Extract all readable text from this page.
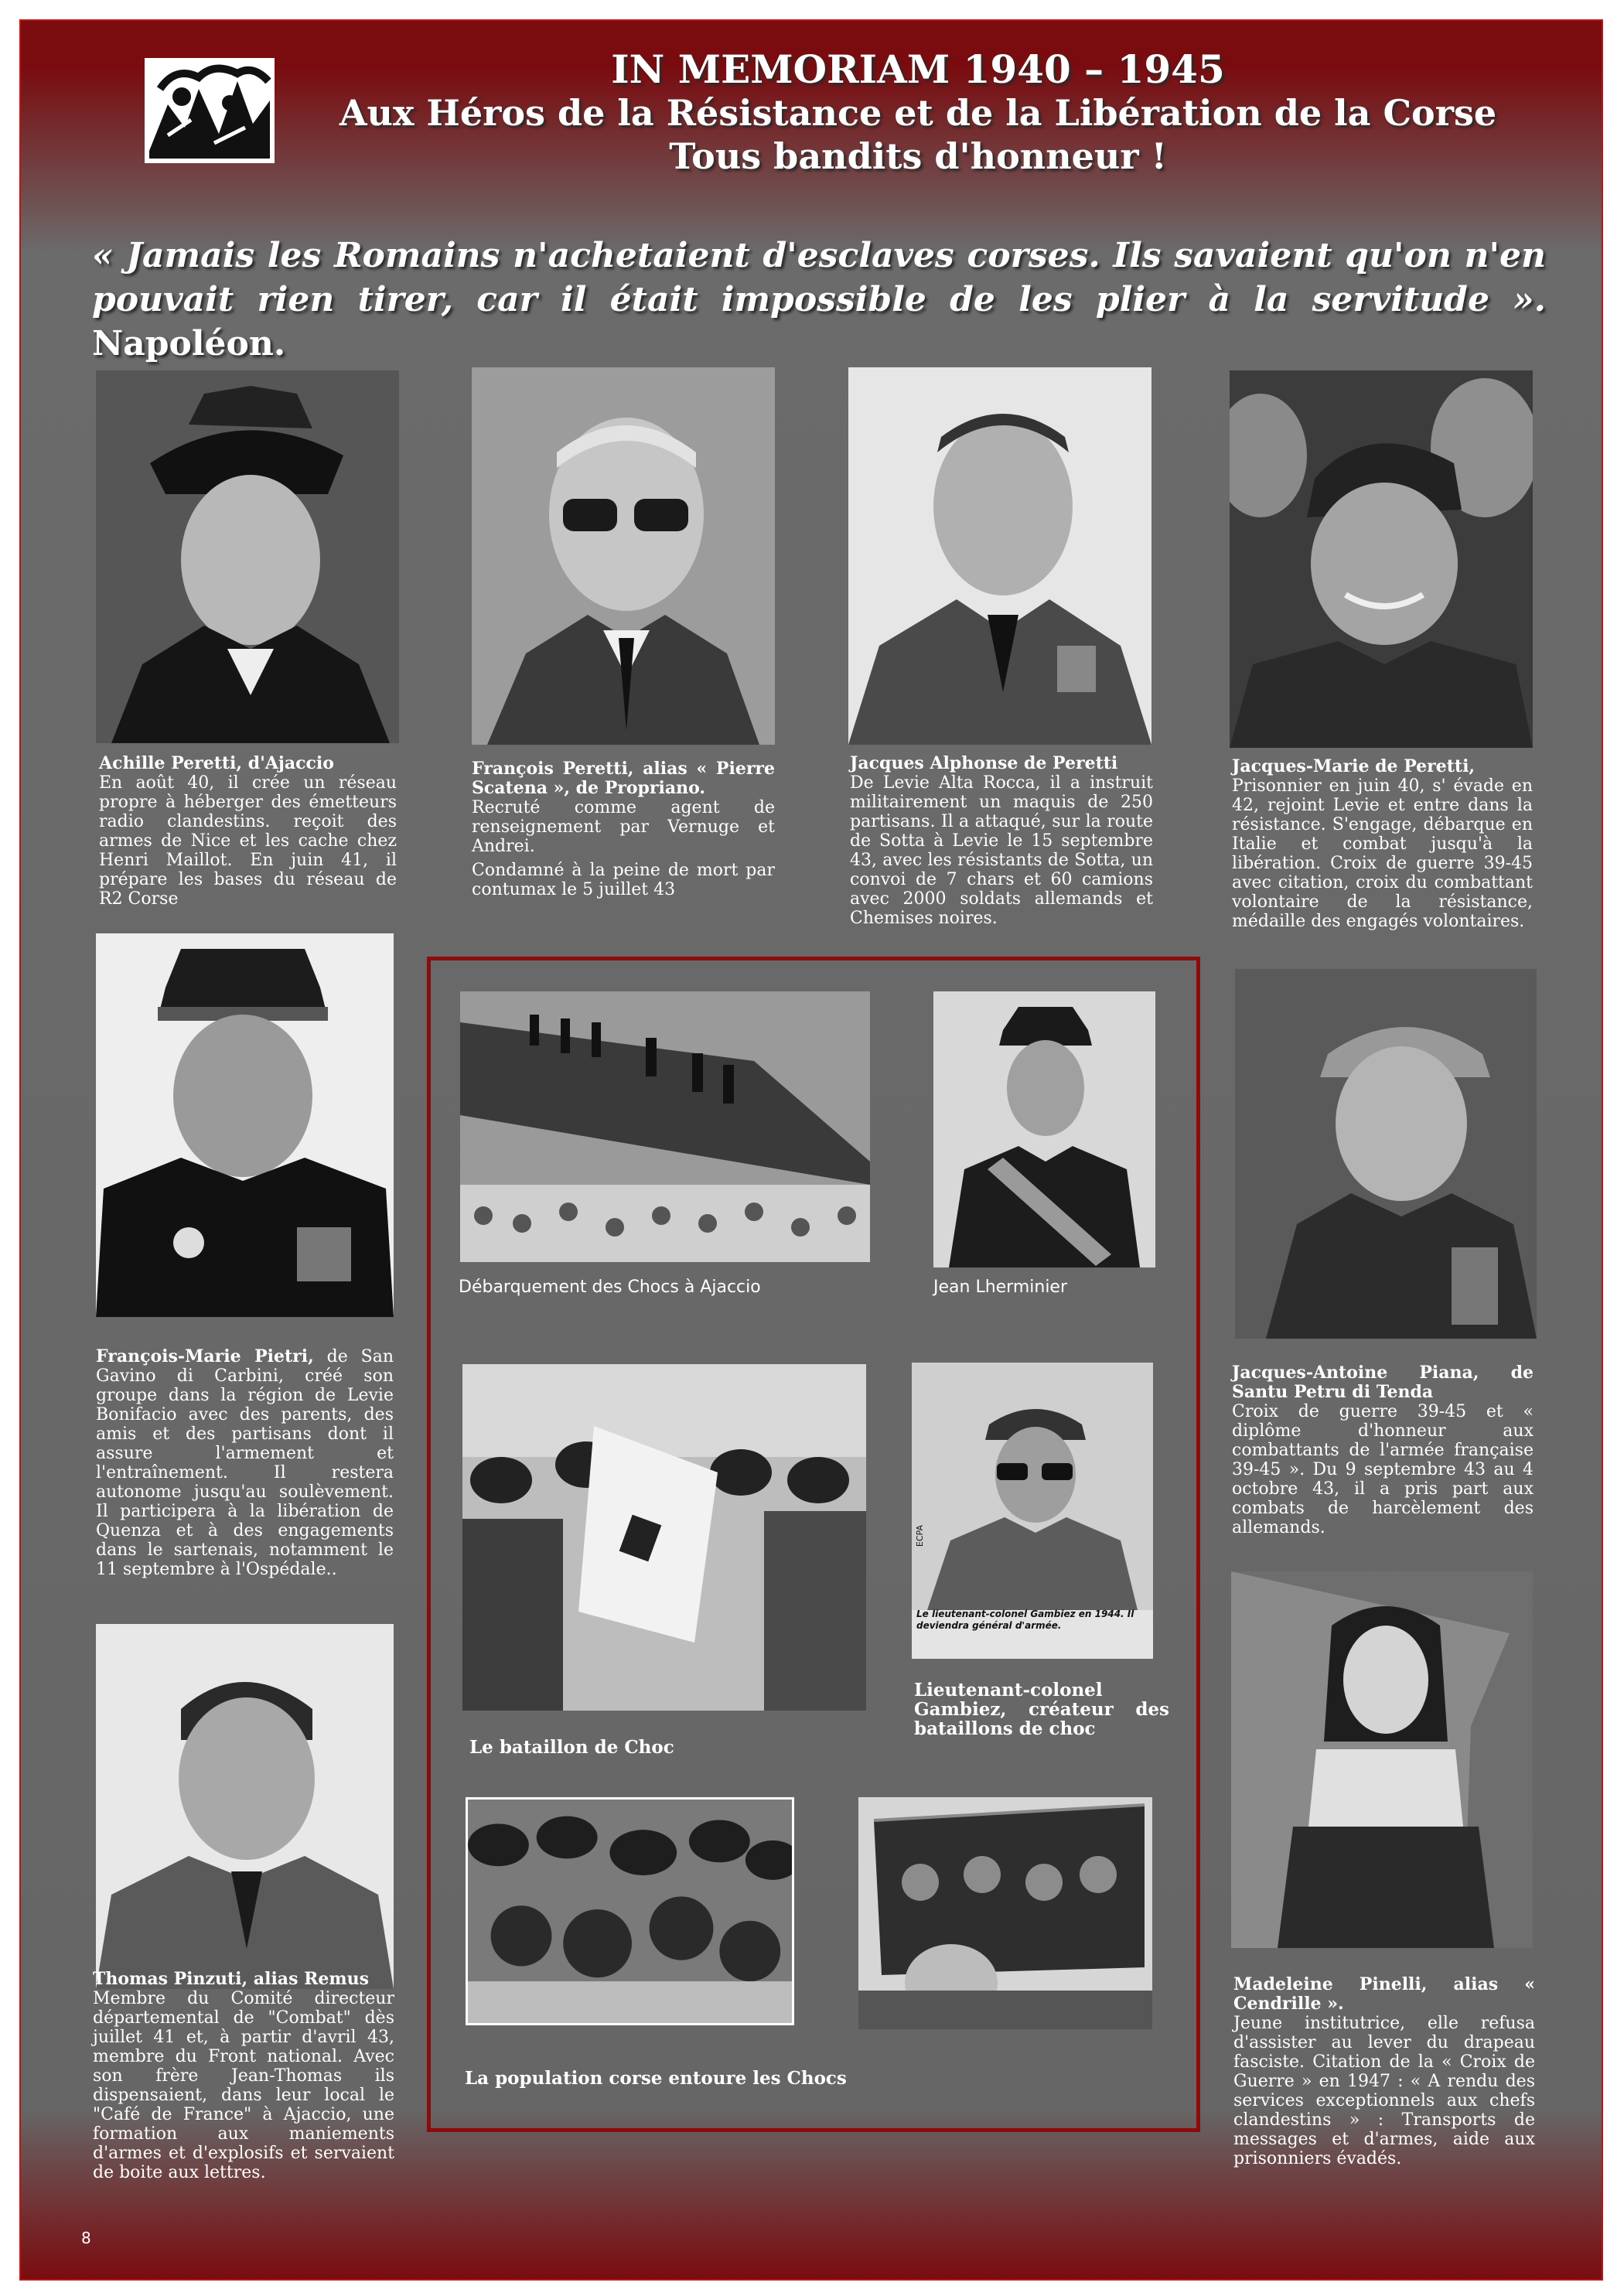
IN MEMORIAM 1940 – 1945
Aux Héros de la Résistance et de la Libération de la Corse
Tous bandits d'honneur !
« Jamais les Romains n'achetaient d'esclaves corses. Ils savaient qu'on n'en pouvait rien tirer, car il était impossible de les plier à la servitude ». Napoléon.
Achille Peretti, d'Ajaccio

En août 40, il crée un réseau propre à héberger des émetteurs radio clandestins. reçoit des armes de Nice et les cache chez Henri Maillot. En juin 41, il prépare les bases du réseau de R2 Corse

François Peretti, alias « Pierre Scatena », de Propriano.

Recruté comme agent de renseignement par Vernuge et Andrei.

Condamné à la peine de mort par contumax le 5 juillet 43

Jacques Alphonse de Peretti

De Levie Alta Rocca, il a instruit militairement un maquis de 250 partisans. Il a attaqué, sur la route de Sotta à Levie le 15 septembre 43, avec les résistants de Sotta, un convoi de 7 chars et 60 camions avec 2000 soldats allemands et Chemises noires.

Jacques-Marie de Peretti,

Prisonnier en juin 40, s' évade en 42, rejoint Levie et entre dans la résistance. S'engage, débarque en Italie et combat jusqu'à la libération. Croix de guerre 39-45 avec citation, croix du combattant volontaire de la résistance, médaille des engagés volontaires.

François-Marie Pietri, de San Gavino di Carbini, créé son groupe dans la région de Levie Bonifacio avec des parents, des amis et des partisans dont il assure l'armement et l'entraînement. Il restera autonome jusqu'au soulèvement. Il participera à la libération de Quenza et à des engagements dans le sartenais, notamment le 11 septembre à l'Ospédale..

Thomas Pinzuti, alias Remus

Membre du Comité directeur départemental de "Combat" dès juillet 41 et, à partir d'avril 43, membre du Front national. Avec son frère Jean-Thomas ils dispensaient, dans leur local le "Café de France" à Ajaccio, une formation aux maniements d'armes et d'explosifs et servaient de boite aux lettres.

Jacques-Antoine Piana, de Santu Petru di Tenda

Croix de guerre 39-45 et « diplôme d'honneur aux combattants de l'armée française 39-45 ». Du 9 septembre 43 au 4 octobre 43, il a pris part aux combats de harcèlement des allemands.

Madeleine Pinelli, alias « Cendrille ».

Jeune institutrice, elle refusa d'assister au lever du drapeau fasciste. Citation de la « Croix de Guerre » en 1947 : « A rendu des services exceptionnels aux chefs clandestins » : Transports de messages et d'armes, aide aux prisonniers évadés.

Débarquement des Chocs à Ajaccio	Jean Lherminier
Le bataillon de Choc
Le lieutenant-colonel Gambiez en 1944. Il deviendra général d'armée.
ECPA
Lieutenant-colonel Gambiez, créateur des bataillons de choc
La population corse entoure les Chocs
8
